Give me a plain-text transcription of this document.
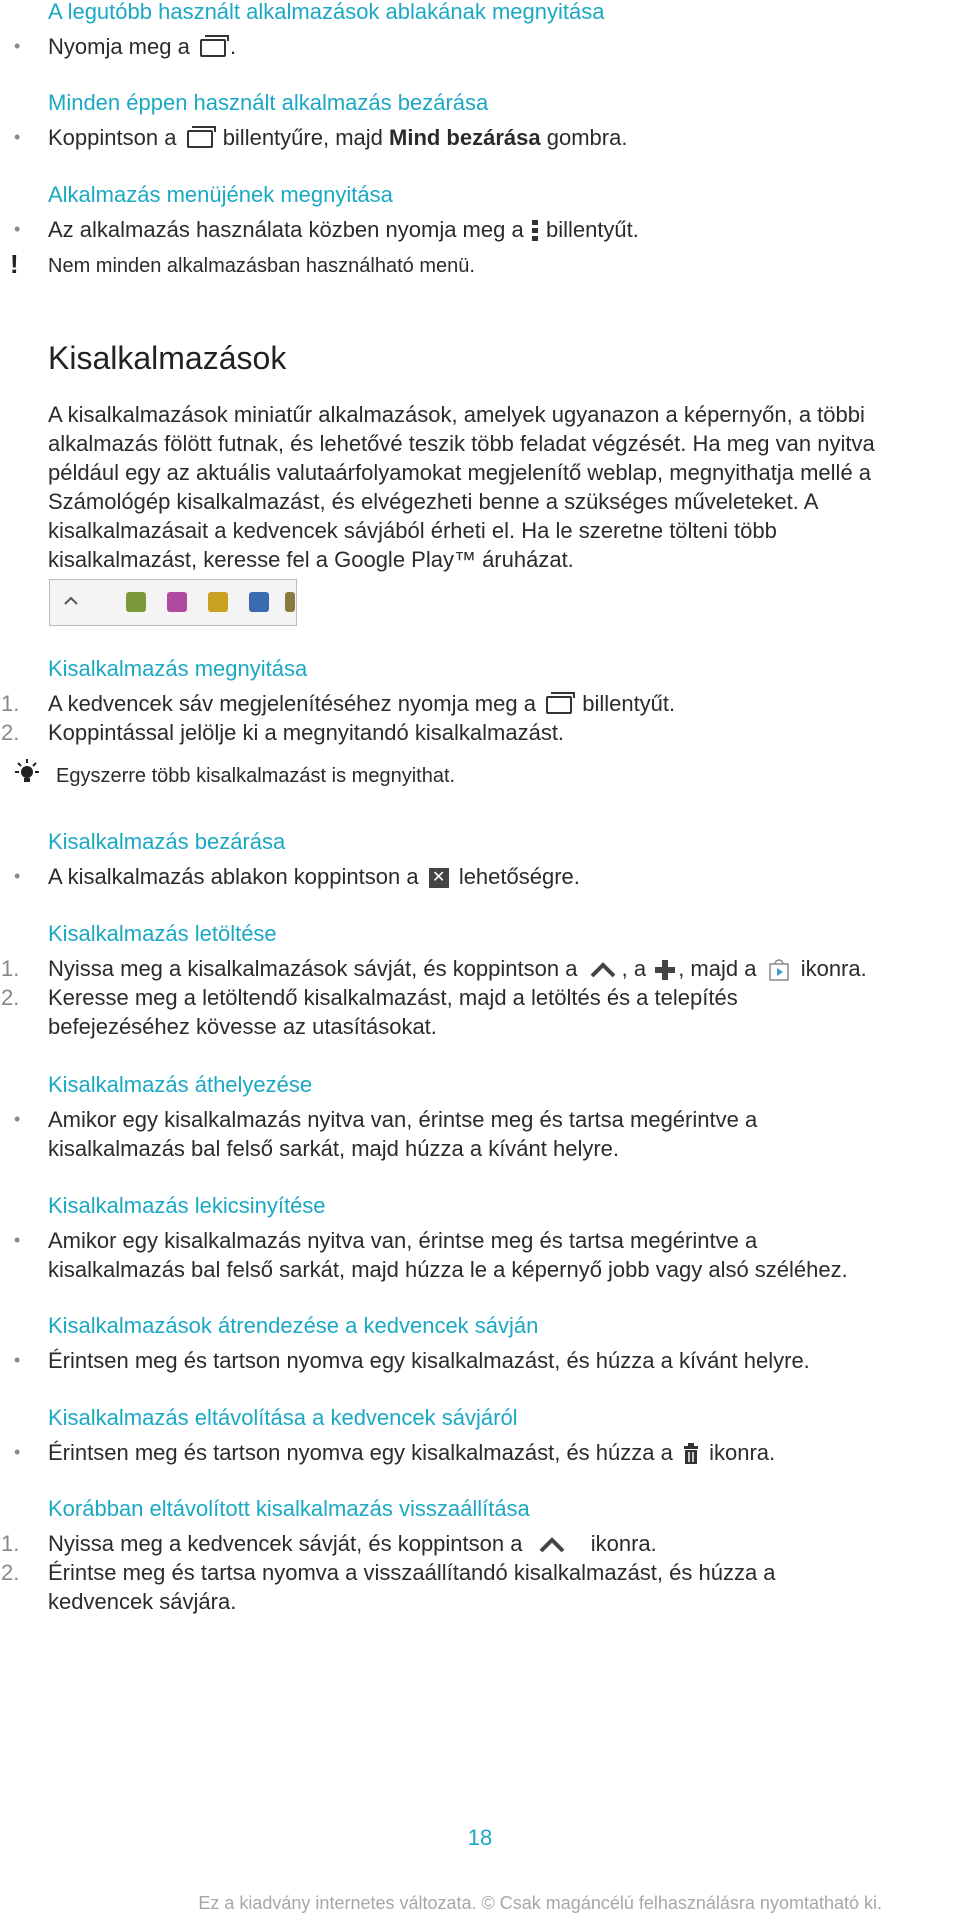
A legutóbb használt alkalmazások ablakának megnyitása
• Nyomja meg a .
Minden éppen használt alkalmazás bezárása
• Koppintson a billentyűre, majd Mind bezárása gombra.
Alkalmazás menüjének megnyitása
• Az alkalmazás használata közben nyomja meg a billentyűt.
! Nem minden alkalmazásban használható menü.
Kisalkalmazások
A kisalkalmazások miniatűr alkalmazások, amelyek ugyanazon a képernyőn, a többi
alkalmazás fölött futnak, és lehetővé teszik több feladat végzését. Ha meg van nyitva
például egy az aktuális valutaárfolyamokat megjelenítő weblap, megnyithatja mellé a
Számológép kisalkalmazást, és elvégezheti benne a szükséges műveleteket. A
kisalkalmazásait a kedvencek sávjából érheti el. Ha le szeretne tölteni több
kisalkalmazást, keresse fel a Google Play™ áruházat.
Kisalkalmazás megnyitása
1. A kedvencek sáv megjelenítéséhez nyomja meg a billentyűt.
2. Koppintással jelölje ki a megnyitandó kisalkalmazást.
Egyszerre több kisalkalmazást is megnyithat.
Kisalkalmazás bezárása
• A kisalkalmazás ablakon koppintson a ✕ lehetőségre.
Kisalkalmazás letöltése
1. Nyissa meg a kisalkalmazások sávját, és koppintson a , a , majd a ikonra.
2. Keresse meg a letöltendő kisalkalmazást, majd a letöltés és a telepítés
befejezéséhez kövesse az utasításokat.
Kisalkalmazás áthelyezése
• Amikor egy kisalkalmazás nyitva van, érintse meg és tartsa megérintve a
kisalkalmazás bal felső sarkát, majd húzza a kívánt helyre.
Kisalkalmazás lekicsinyítése
• Amikor egy kisalkalmazás nyitva van, érintse meg és tartsa megérintve a
kisalkalmazás bal felső sarkát, majd húzza le a képernyő jobb vagy alsó széléhez.
Kisalkalmazások átrendezése a kedvencek sávján
• Érintsen meg és tartson nyomva egy kisalkalmazást, és húzza a kívánt helyre.
Kisalkalmazás eltávolítása a kedvencek sávjáról
• Érintsen meg és tartson nyomva egy kisalkalmazást, és húzza a ikonra.
Korábban eltávolított kisalkalmazás visszaállítása
1. Nyissa meg a kedvencek sávját, és koppintson a	ikonra.
2. Érintse meg és tartsa nyomva a visszaállítandó kisalkalmazást, és húzza a
kedvencek sávjára.
18
Ez a kiadvány internetes változata. © Csak magáncélú felhasználásra nyomtatható ki.
